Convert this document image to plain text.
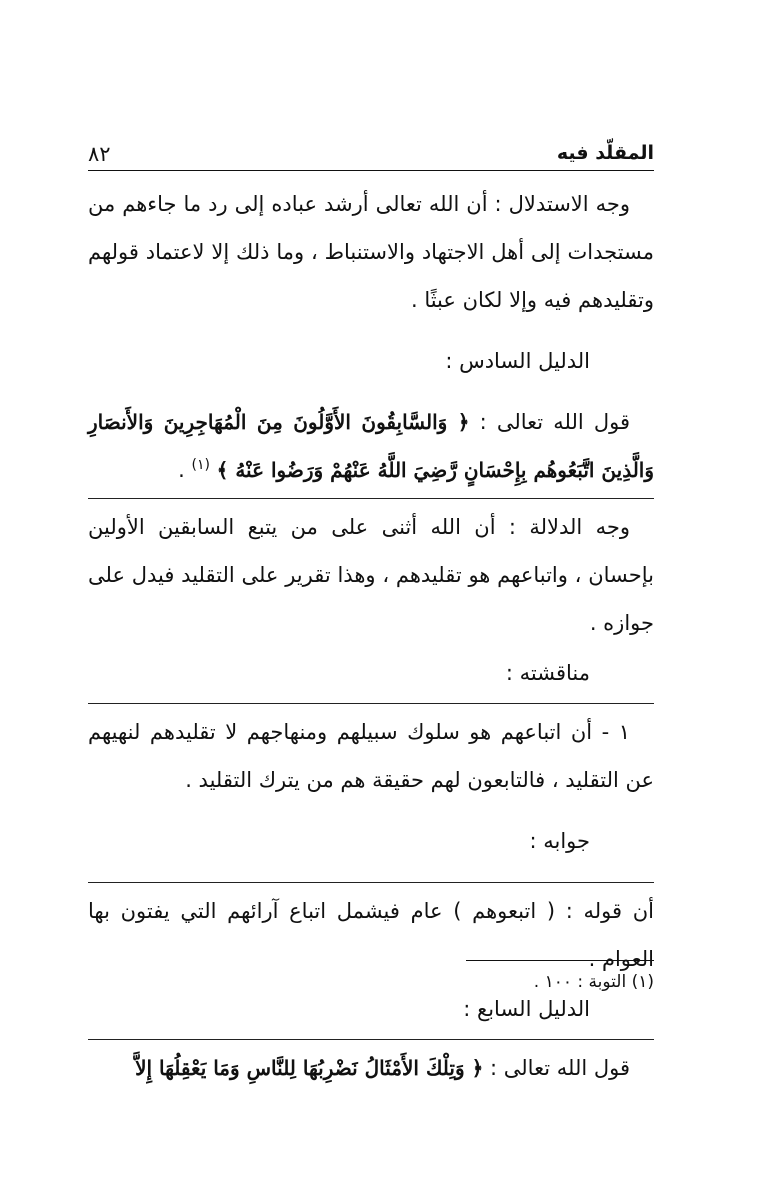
المقلّد فيه
٨٢

وجه الاستدلال : أن الله تعالى أرشد عباده إلى رد ما جاءهم من مستجدات إلى أهل الاجتهاد والاستنباط ، وما ذلك إلا لاعتماد قولهم وتقليدهم فيه وإلا لكان عبثًا .

الدليل السادس :

قول الله تعالى : ﴿ وَالسَّابِقُونَ الأَوَّلُونَ مِنَ الْمُهَاجِرِينَ وَالأَنصَارِ وَالَّذِينَ اتَّبَعُوهُم بِإِحْسَانٍ رَّضِيَ اللَّهُ عَنْهُمْ وَرَضُوا عَنْهُ ﴾ $^{(١)}$ .

وجه الدلالة : أن الله أثنى على من يتبع السابقين الأولين بإحسان ، واتباعهم هو تقليدهم ، وهذا تقرير على التقليد فيدل على جوازه .

مناقشته :

١ - أن اتباعهم هو سلوك سبيلهم ومنهاجهم لا تقليدهم لنهيهم عن التقليد ، فالتابعون لهم حقيقة هم من يترك التقليد .

جوابه :

أن قوله : ( اتبعوهم ) عام فيشمل اتباع آرائهم التي يفتون بها العوام .

الدليل السابع :

قول الله تعالى : ﴿ وَتِلْكَ الأَمْثَالُ نَضْرِبُهَا لِلنَّاسِ وَمَا يَعْقِلُهَا إِلاَّ

(١) التوبة : ١٠٠ .
